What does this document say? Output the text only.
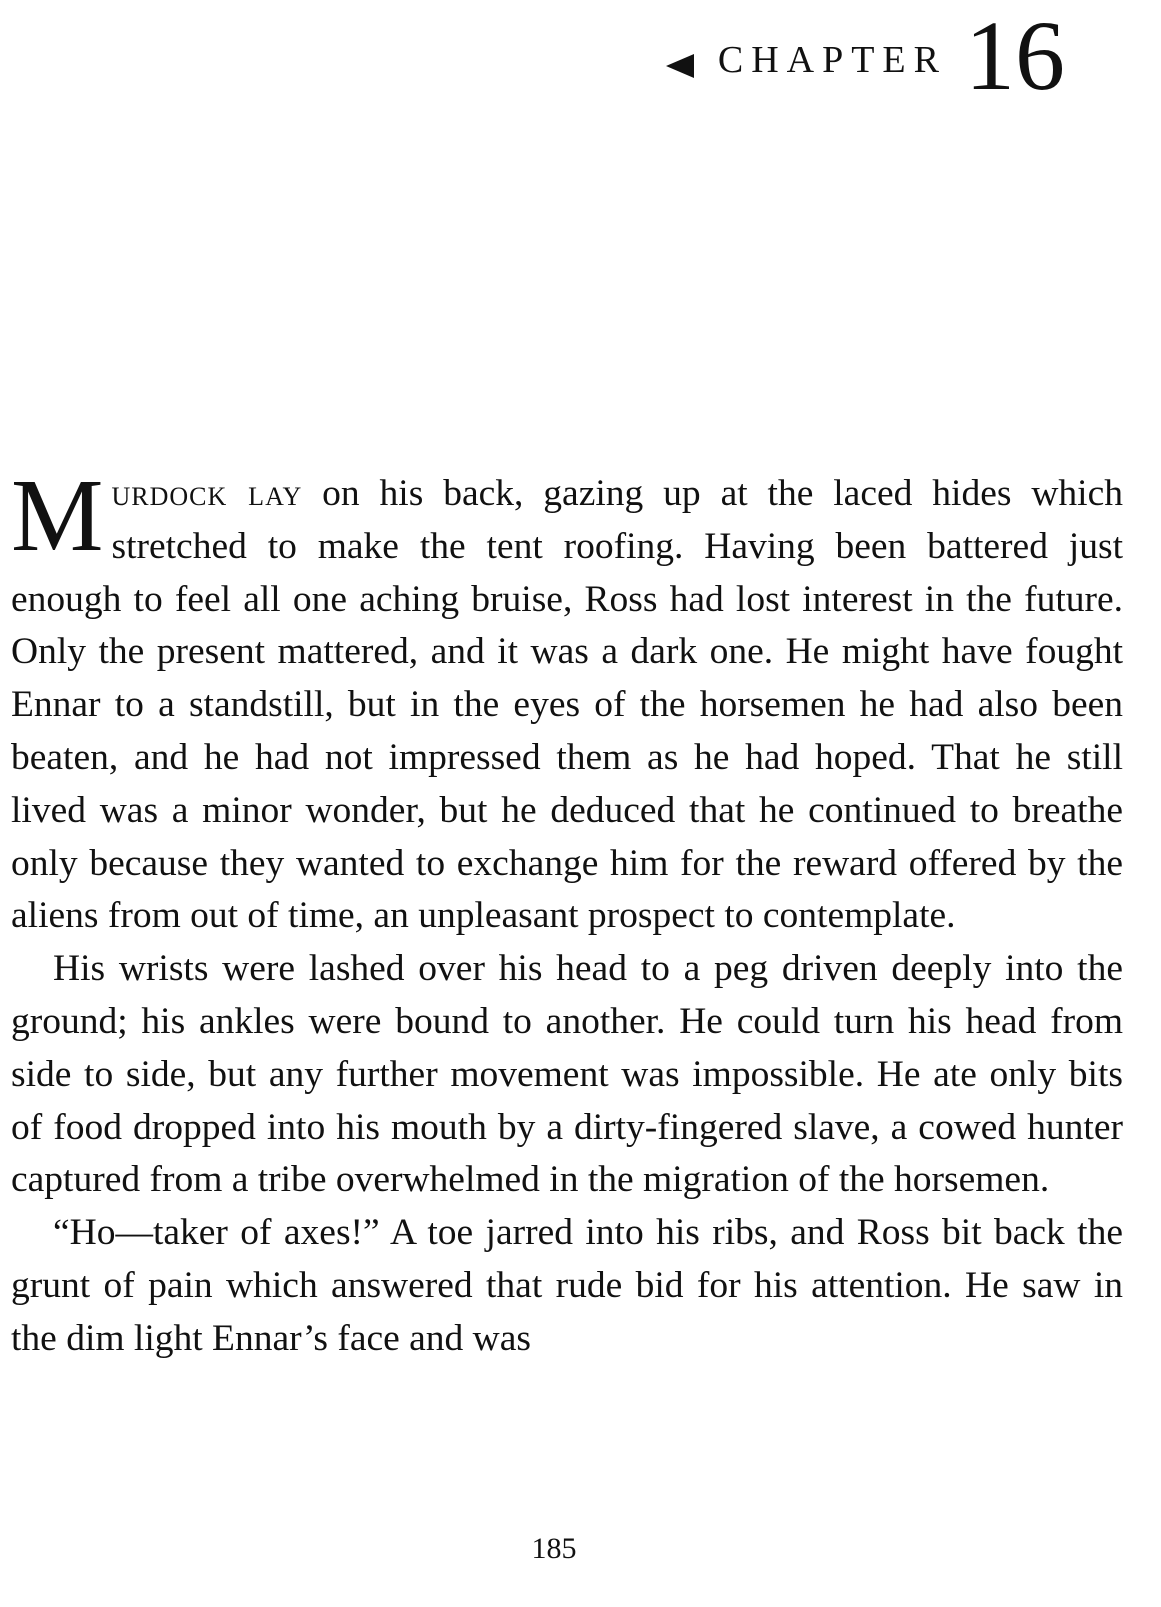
CHAPTER 16

Murdock lay on his back, gazing up at the laced hides which stretched to make the tent roofing. Having been battered just enough to feel all one aching bruise, Ross had lost interest in the future. Only the present mattered, and it was a dark one. He might have fought Ennar to a standstill, but in the eyes of the horsemen he had also been beaten, and he had not impressed them as he had hoped. That he still lived was a minor wonder, but he deduced that he continued to breathe only because they wanted to exchange him for the reward offered by the aliens from out of time, an unpleasant prospect to contemplate.

His wrists were lashed over his head to a peg driven deeply into the ground; his ankles were bound to another. He could turn his head from side to side, but any further movement was impossible. He ate only bits of food dropped into his mouth by a dirty-fingered slave, a cowed hunter captured from a tribe overwhelmed in the migration of the horsemen.

“Ho—taker of axes!” A toe jarred into his ribs, and Ross bit back the grunt of pain which answered that rude bid for his attention. He saw in the dim light Ennar’s face and was

185
